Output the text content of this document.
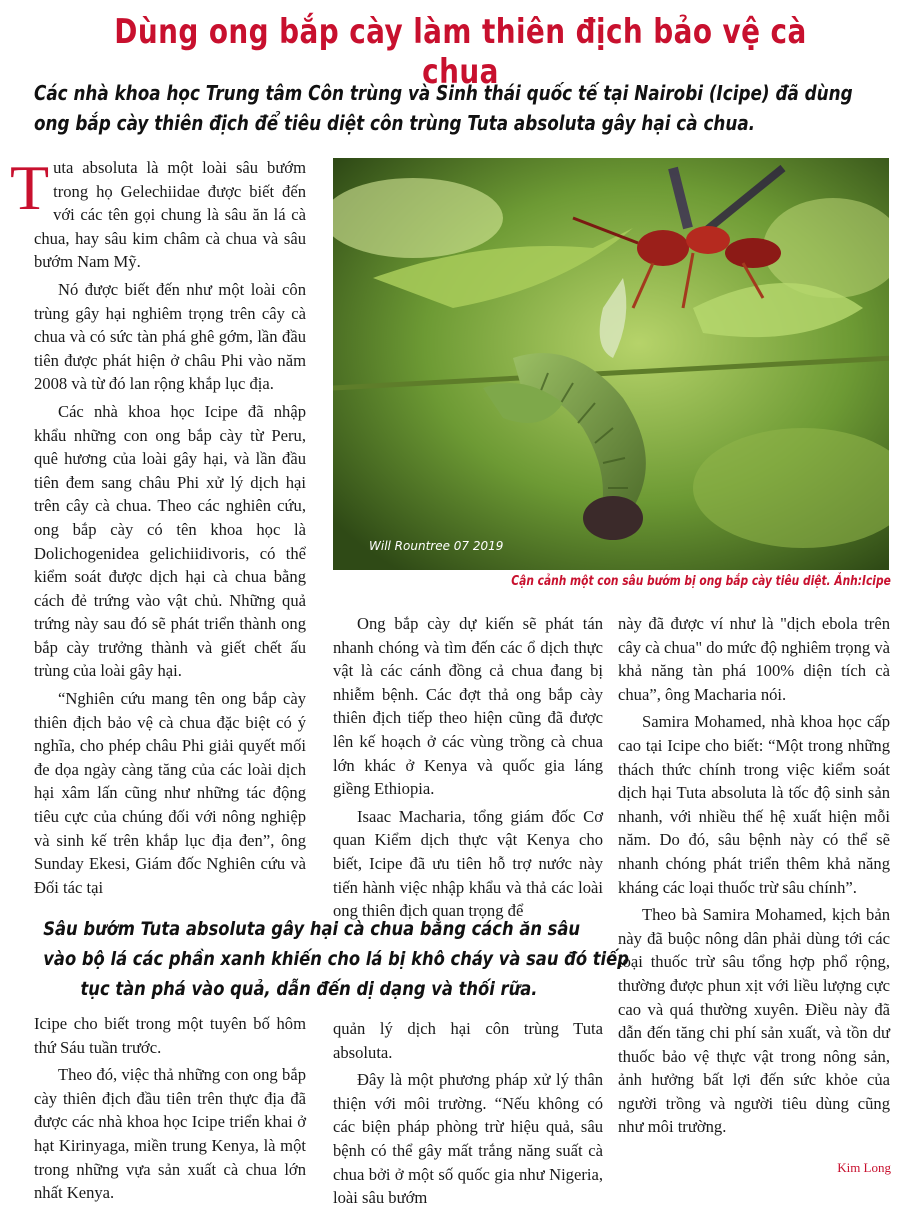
Dùng ong bắp cày làm thiên địch bảo vệ cà chua
Các nhà khoa học Trung tâm Côn trùng và Sinh thái quốc tế tại Nairobi (Icipe) đã dùng ong bắp cày thiên địch để tiêu diệt côn trùng Tuta absoluta gây hại cà chua.

Tuta absoluta là một loài sâu bướm trong họ Gelechiidae được biết đến với các tên gọi chung là sâu ăn lá cà chua, hay sâu kim châm cà chua và sâu bướm Nam Mỹ.

Nó được biết đến như một loài côn trùng gây hại nghiêm trọng trên cây cà chua và có sức tàn phá ghê gớm, lần đầu tiên được phát hiện ở châu Phi vào năm 2008 và từ đó lan rộng khắp lục địa.

Các nhà khoa học Icipe đã nhập khẩu những con ong bắp cày từ Peru, quê hương của loài gây hại, và lần đầu tiên đem sang châu Phi xử lý dịch hại trên cây cà chua. Theo các nghiên cứu, ong bắp cày có tên khoa học là Dolichogenidea gelichiidivoris, có thể kiểm soát được dịch hại cà chua bằng cách đẻ trứng vào vật chủ. Những quả trứng này sau đó sẽ phát triển thành ong bắp cày trưởng thành và giết chết ấu trùng của loài gây hại.

“Nghiên cứu mang tên ong bắp cày thiên địch bảo vệ cà chua đặc biệt có ý nghĩa, cho phép châu Phi giải quyết mối đe dọa ngày càng tăng của các loài dịch hại xâm lấn cũng như những tác động tiêu cực của chúng đối với nông nghiệp và sinh kế trên khắp lục địa đen”, ông Sunday Ekesi, Giám đốc Nghiên cứu và Đối tác tại

Will Rountree 07 2019
Cận cảnh một con sâu bướm bị ong bắp cày tiêu diệt. Ảnh:Icipe

Ong bắp cày dự kiến sẽ phát tán nhanh chóng và tìm đến các ổ dịch thực vật là các cánh đồng cả chua đang bị nhiễm bệnh. Các đợt thả ong bắp cày thiên địch tiếp theo hiện cũng đã được lên kế hoạch ở các vùng trồng cà chua lớn khác ở Kenya và quốc gia láng giềng Ethiopia.

Isaac Macharia, tổng giám đốc Cơ quan Kiểm dịch thực vật Kenya cho biết, Icipe đã ưu tiên hỗ trợ nước này tiến hành việc nhập khẩu và thả các loài ong thiên địch quan trọng để

này đã được ví như là "dịch ebola trên cây cà chua" do mức độ nghiêm trọng và khả năng tàn phá 100% diện tích cà chua”, ông Macharia nói.

Samira Mohamed, nhà khoa học cấp cao tại Icipe cho biết: “Một trong những thách thức chính trong việc kiểm soát dịch hại Tuta absoluta là tốc độ sinh sản nhanh, với nhiều thế hệ xuất hiện mỗi năm. Do đó, sâu bệnh này có thể sẽ nhanh chóng phát triển thêm khả năng kháng các loại thuốc trừ sâu chính”.

Theo bà Samira Mohamed, kịch bản này đã buộc nông dân phải dùng tới các loại thuốc trừ sâu tổng hợp phổ rộng, thường được phun xịt với liều lượng cực cao và quá thường xuyên. Điều này đã dẫn đến tăng chi phí sản xuất, và tồn dư thuốc bảo vệ thực vật trong nông sản, ảnh hưởng bất lợi đến sức khỏe của người trồng và người tiêu dùng cũng như môi trường.

Sâu bướm Tuta absoluta gây hại cà chua bằng cách ăn sâu
vào bộ lá các phần xanh khiến cho lá bị khô cháy và sau đó tiếp
tục tàn phá vào quả, dẫn đến dị dạng và thối rữa.

Icipe cho biết trong một tuyên bố hôm thứ Sáu tuần trước.

Theo đó, việc thả những con ong bắp cày thiên địch đầu tiên trên thực địa đã được các nhà khoa học Icipe triển khai ở hạt Kirinyaga, miền trung Kenya, là một trong những vựa sản xuất cà chua lớn nhất Kenya.

quản lý dịch hại côn trùng Tuta absoluta.

Đây là một phương pháp xử lý thân thiện với môi trường. “Nếu không có các biện pháp phòng trừ hiệu quả, sâu bệnh có thể gây mất trắng năng suất cà chua bởi ở một số quốc gia như Nigeria, loài sâu bướm

Kim Long
